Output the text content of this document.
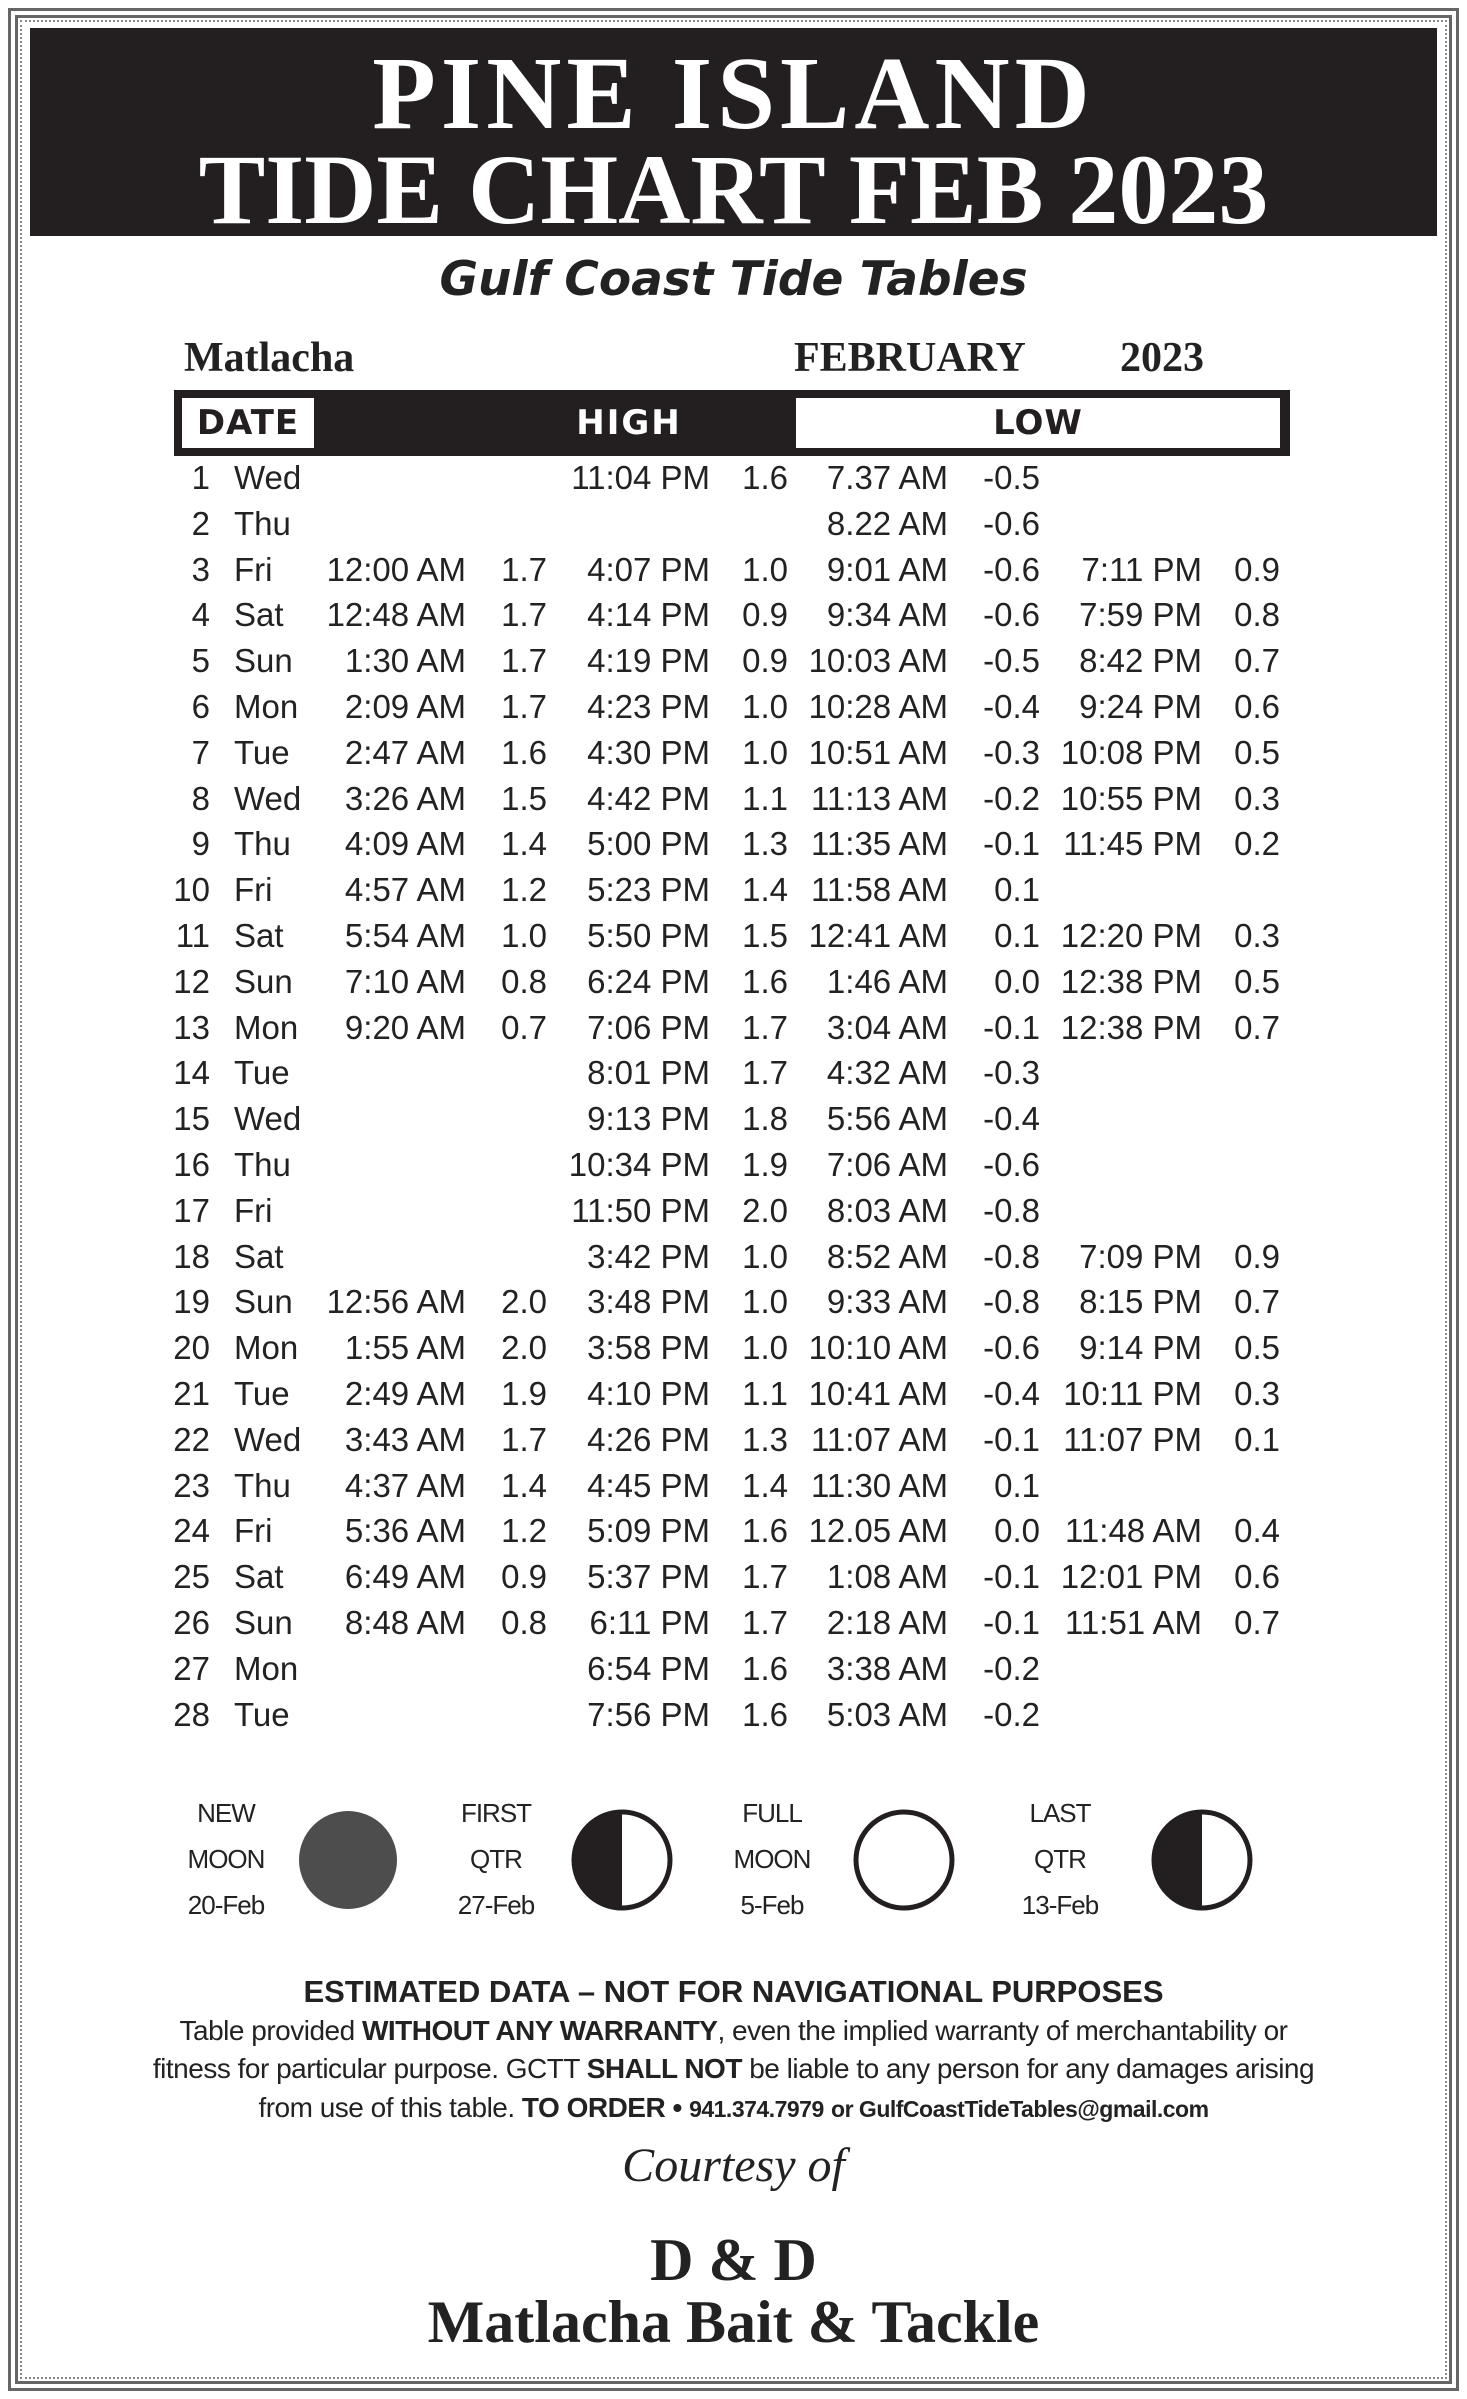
PINE ISLAND
TIDE CHART FEB 2023
Gulf Coast Tide Tables
Matlacha	FEBRUARY 2023
DATE	HIGH	LOW
1 Wed	11:04 PM 1.6 7.37 AM -0.5
2 Thu	8.22 AM -0.6
3 Fri 12:00 AM 1.7 4:07 PM 1.0 9:01 AM -0.6 7:11 PM 0.9
4 Sat 12:48 AM 1.7 4:14 PM 0.9 9:34 AM -0.6 7:59 PM 0.8
5 Sun 1:30 AM 1.7 4:19 PM 0.9 10:03 AM -0.5 8:42 PM 0.7
6 Mon 2:09 AM 1.7 4:23 PM 1.0 10:28 AM -0.4 9:24 PM 0.6
7 Tue 2:47 AM 1.6 4:30 PM 1.0 10:51 AM -0.3 10:08 PM 0.5
8 Wed 3:26 AM 1.5 4:42 PM 1.1 11:13 AM -0.2 10:55 PM 0.3
9 Thu 4:09 AM 1.4 5:00 PM 1.3 11:35 AM -0.1 11:45 PM 0.2
10 Fri 4:57 AM 1.2 5:23 PM 1.4 11:58 AM 0.1
11 Sat 5:54 AM 1.0 5:50 PM 1.5 12:41 AM 0.1 12:20 PM 0.3
12 Sun 7:10 AM 0.8 6:24 PM 1.6 1:46 AM 0.0 12:38 PM 0.5
13 Mon 9:20 AM 0.7 7:06 PM 1.7 3:04 AM -0.1 12:38 PM 0.7
14 Tue	8:01 PM 1.7 4:32 AM -0.3
15 Wed	9:13 PM 1.8 5:56 AM -0.4
16 Thu	10:34 PM 1.9 7:06 AM -0.6
17 Fri	11:50 PM 2.0 8:03 AM -0.8
18 Sat	3:42 PM 1.0 8:52 AM -0.8 7:09 PM 0.9
19 Sun 12:56 AM 2.0 3:48 PM 1.0 9:33 AM -0.8 8:15 PM 0.7
20 Mon 1:55 AM 2.0 3:58 PM 1.0 10:10 AM -0.6 9:14 PM 0.5
21 Tue 2:49 AM 1.9 4:10 PM 1.1 10:41 AM -0.4 10:11 PM 0.3
22 Wed 3:43 AM 1.7 4:26 PM 1.3 11:07 AM -0.1 11:07 PM 0.1
23 Thu 4:37 AM 1.4 4:45 PM 1.4 11:30 AM 0.1
24 Fri 5:36 AM 1.2 5:09 PM 1.6 12.05 AM 0.0 11:48 AM 0.4
25 Sat 6:49 AM 0.9 5:37 PM 1.7 1:08 AM -0.1 12:01 PM 0.6
26 Sun 8:48 AM 0.8 6:11 PM 1.7 2:18 AM -0.1 11:51 AM 0.7
27 Mon	6:54 PM 1.6 3:38 AM -0.2
28 Tue	7:56 PM 1.6 5:03 AM -0.2
NEW
MOON
20-Feb
FIRST
QTR
27-Feb
FULL
MOON
5-Feb
LAST
QTR
13-Feb
ESTIMATED DATA – NOT FOR NAVIGATIONAL PURPOSES
Table provided WITHOUT ANY WARRANTY, even the implied warranty of merchantability or
fitness for particular purpose. GCTT SHALL NOT be liable to any person for any damages arising
from use of this table. TO ORDER • 941.374.7979 or GulfCoastTideTables@gmail.com
Courtesy of
D & D
Matlacha Bait & Tackle
